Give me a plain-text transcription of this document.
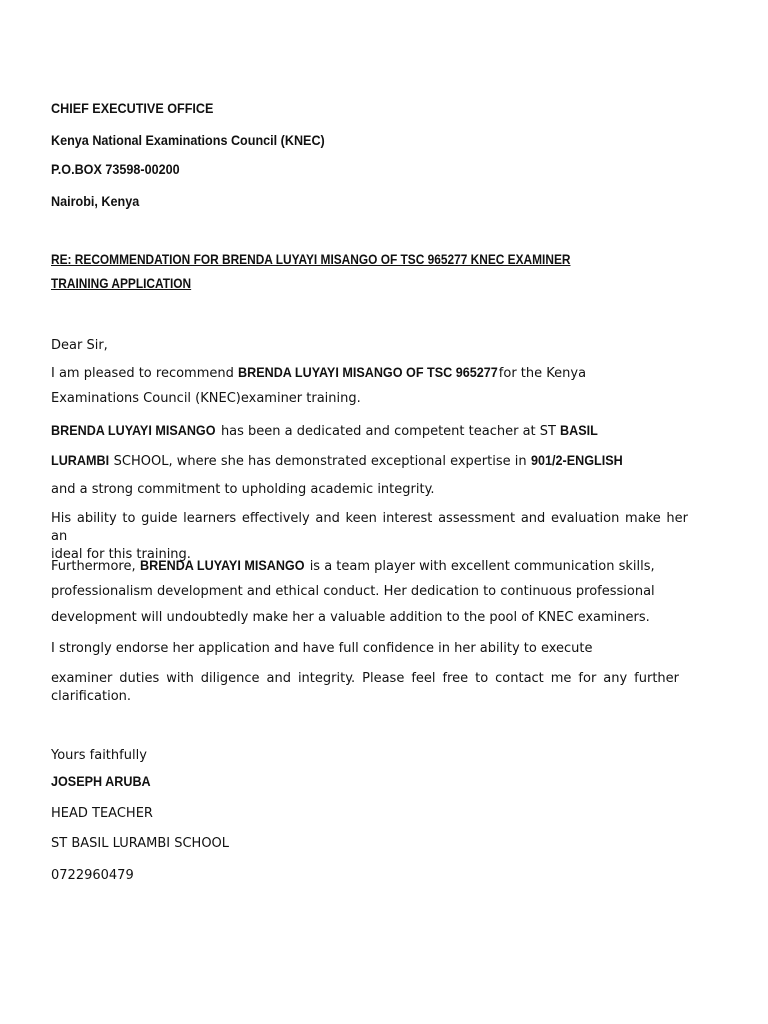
CHIEF EXECUTIVE OFFICE

Kenya National Examinations Council (KNEC)

P.O.BOX 73598-00200

Nairobi, Kenya

RE: RECOMMENDATION FOR BRENDA LUYAYI MISANGO OF TSC 965277 KNEC EXAMINER

TRAINING APPLICATION

Dear Sir,

I am pleased to recommend BRENDA LUYAYI MISANGO OF TSC 965277 for the Kenya

Examinations Council (KNEC)examiner training.

BRENDA LUYAYI MISANGO has been a dedicated and competent teacher at ST BASIL

LURAMBI SCHOOL, where she has demonstrated exceptional expertise in 901/2-ENGLISH

and a strong commitment to upholding academic integrity.

His ability to guide learners effectively and keen interest assessment and evaluation make her an
ideal for this training.

Furthermore, BRENDA LUYAYI MISANGO is a team player with excellent communication skills,

professionalism development and ethical conduct. Her dedication to continuous professional

development will undoubtedly make her a valuable addition to the pool of KNEC examiners.

I strongly endorse her application and have full confidence in her ability to execute

examiner duties with diligence and integrity. Please feel free to contact me for any further
clarification.

Yours faithfully

JOSEPH ARUBA

HEAD TEACHER

ST BASIL LURAMBI SCHOOL

0722960479
